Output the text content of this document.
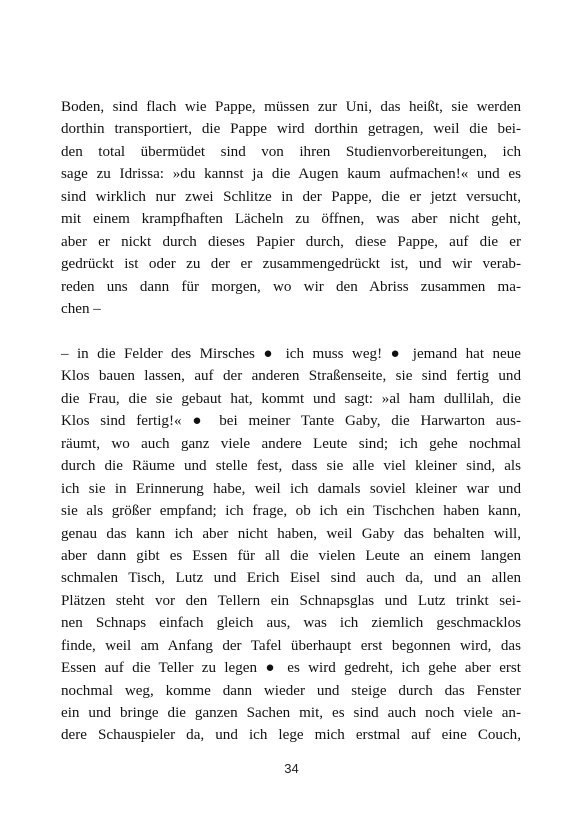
Boden, sind flach wie Pappe, müssen zur Uni, das heißt, sie werden
dorthin transportiert, die Pappe wird dorthin getragen, weil die bei-
den total übermüdet sind von ihren Studienvorbereitungen, ich
sage zu Idrissa: »du kannst ja die Augen kaum aufmachen!« und es
sind wirklich nur zwei Schlitze in der Pappe, die er jetzt versucht,
mit einem krampfhaften Lächeln zu öffnen, was aber nicht geht,
aber er nickt durch dieses Papier durch, diese Pappe, auf die er
gedrückt ist oder zu der er zusammengedrückt ist, und wir verab-
reden uns dann für morgen, wo wir den Abriss zusammen ma-
chen –
– in die Felder des Mirsches ● ich muss weg! ● jemand hat neue
Klos bauen lassen, auf der anderen Straßenseite, sie sind fertig und
die Frau, die sie gebaut hat, kommt und sagt: »al ham dullilah, die
Klos sind fertig!« ● bei meiner Tante Gaby, die Harwarton aus-
räumt, wo auch ganz viele andere Leute sind; ich gehe nochmal
durch die Räume und stelle fest, dass sie alle viel kleiner sind, als
ich sie in Erinnerung habe, weil ich damals soviel kleiner war und
sie als größer empfand; ich frage, ob ich ein Tischchen haben kann,
genau das kann ich aber nicht haben, weil Gaby das behalten will,
aber dann gibt es Essen für all die vielen Leute an einem langen
schmalen Tisch, Lutz und Erich Eisel sind auch da, und an allen
Plätzen steht vor den Tellern ein Schnapsglas und Lutz trinkt sei-
nen Schnaps einfach gleich aus, was ich ziemlich geschmacklos
finde, weil am Anfang der Tafel überhaupt erst begonnen wird, das
Essen auf die Teller zu legen ● es wird gedreht, ich gehe aber erst
nochmal weg, komme dann wieder und steige durch das Fenster
ein und bringe die ganzen Sachen mit, es sind auch noch viele an-
dere Schauspieler da, und ich lege mich erstmal auf eine Couch,
34
